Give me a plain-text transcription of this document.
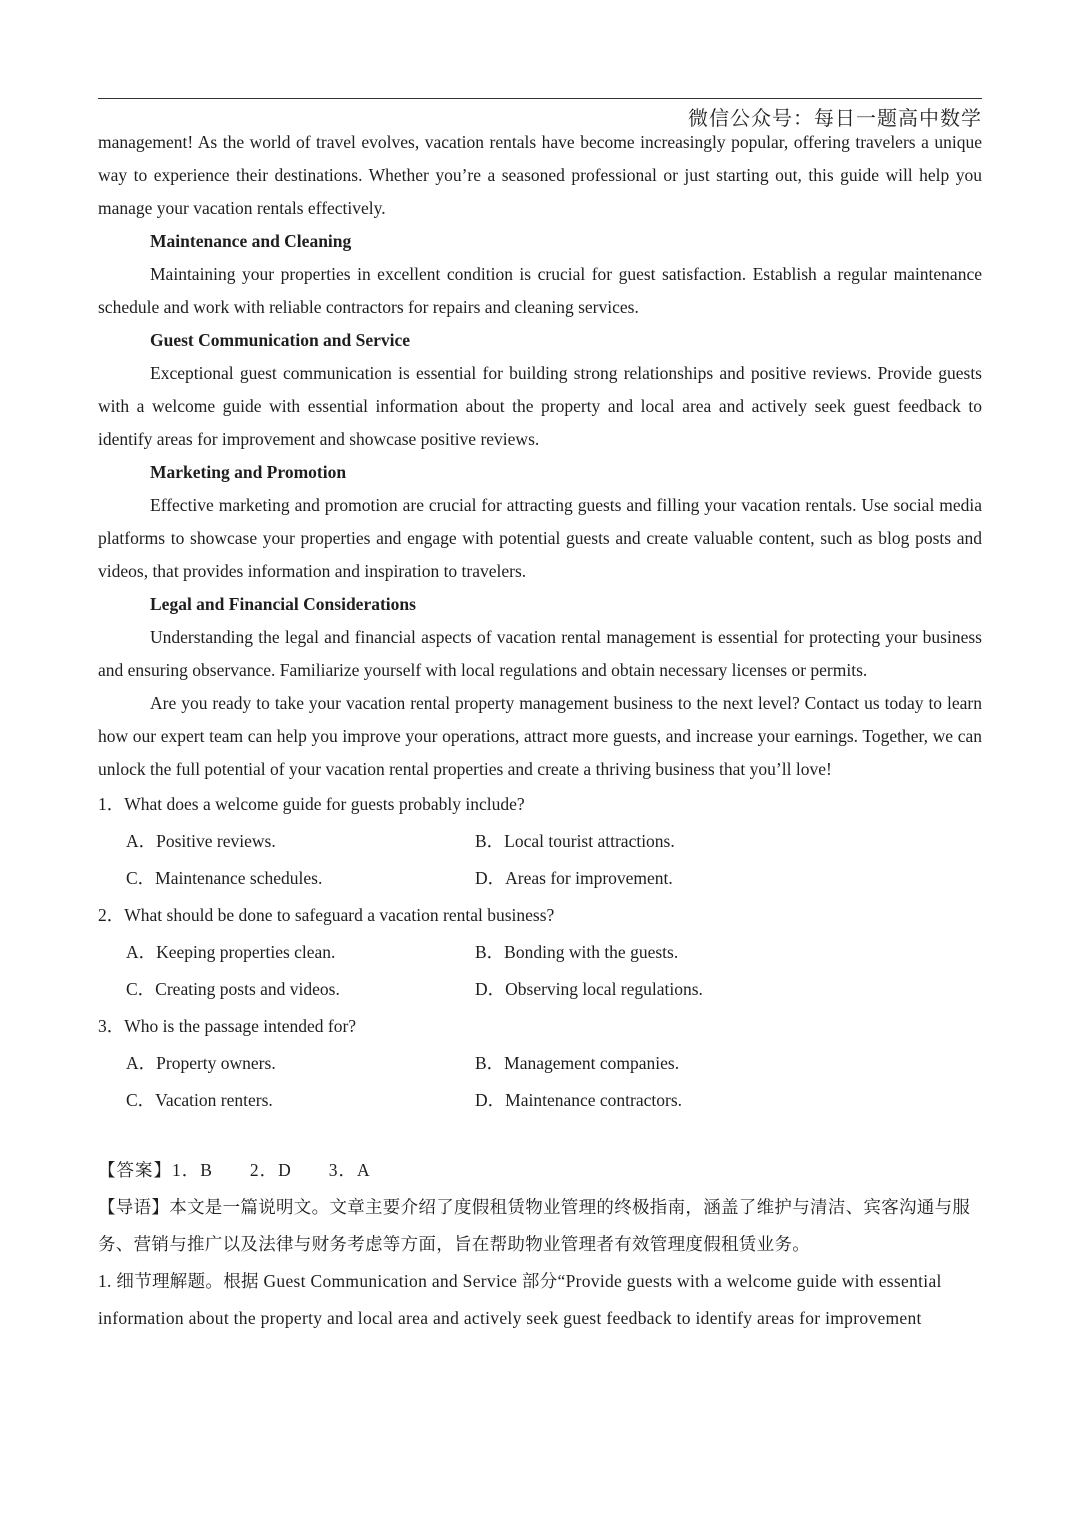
微信公众号：每日一题高中数学

management! As the world of travel evolves, vacation rentals have become increasingly popular, offering travelers a unique way to experience their destinations. Whether you’re a seasoned professional or just starting out, this guide will help you manage your vacation rentals effectively.

Maintenance and Cleaning

Maintaining your properties in excellent condition is crucial for guest satisfaction. Establish a regular maintenance schedule and work with reliable contractors for repairs and cleaning services.

Guest Communication and Service

Exceptional guest communication is essential for building strong relationships and positive reviews. Provide guests with a welcome guide with essential information about the property and local area and actively seek guest feedback to identify areas for improvement and showcase positive reviews.

Marketing and Promotion

Effective marketing and promotion are crucial for attracting guests and filling your vacation rentals. Use social media platforms to showcase your properties and engage with potential guests and create valuable content, such as blog posts and videos, that provides information and inspiration to travelers.

Legal and Financial Considerations

Understanding the legal and financial aspects of vacation rental management is essential for protecting your business and ensuring observance. Familiarize yourself with local regulations and obtain necessary licenses or permits.

Are you ready to take your vacation rental property management business to the next level? Contact us today to learn how our expert team can help you improve your operations, attract more guests, and increase your earnings. Together, we can unlock the full potential of your vacation rental properties and create a thriving business that you’ll love!

1．What does a welcome guide for guests probably include?

A．Positive reviews.	B．Local tourist attractions.
C．Maintenance schedules.	D．Areas for improvement.

2．What should be done to safeguard a vacation rental business?

A．Keeping properties clean.	B．Bonding with the guests.
C．Creating posts and videos.	D．Observing local regulations.

3．Who is the passage intended for?

A．Property owners.	B．Management companies.
C．Vacation renters.	D．Maintenance contractors.

【答案】1．B　　2．D　　3．A

【导语】本文是一篇说明文。文章主要介绍了度假租赁物业管理的终极指南，涵盖了维护与清洁、宾客沟通与服务、营销与推广以及法律与财务考虑等方面，旨在帮助物业管理者有效管理度假租赁业务。

1. 细节理解题。根据 Guest Communication and Service 部分“Provide guests with a welcome guide with essential information about the property and local area and actively seek guest feedback to identify areas for improvement
